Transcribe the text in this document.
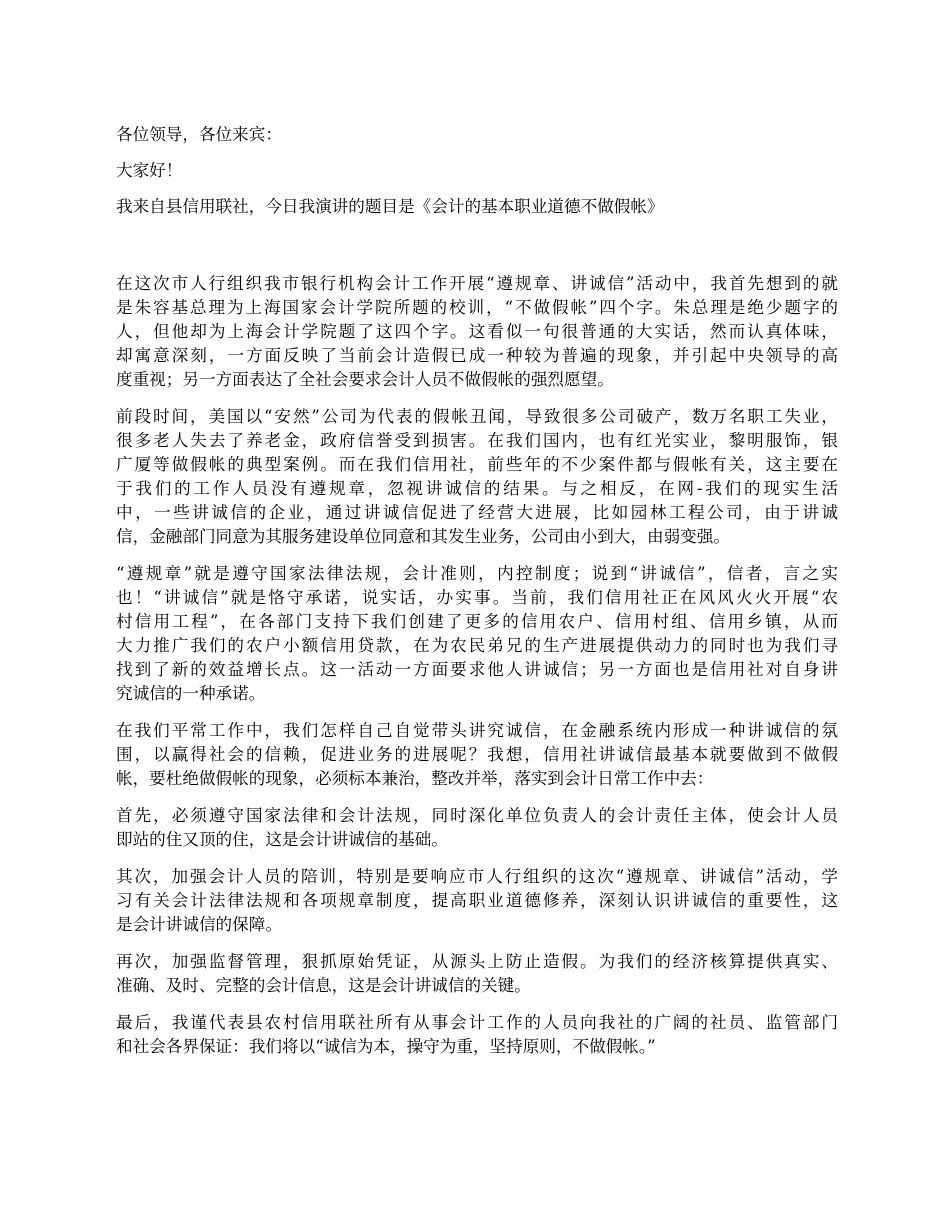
各位领导，各位来宾：

大家好！

我来自县信用联社，今日我演讲的题目是《会计的基本职业道德不做假帐》

在这次市人行组织我市银行机构会计工作开展“遵规章、讲诚信”活动中，我首先想到的就
是朱容基总理为上海国家会计学院所题的校训，“不做假帐”四个字。朱总理是绝少题字的
人，但他却为上海会计学院题了这四个字。这看似一句很普通的大实话，然而认真体味，
却寓意深刻，一方面反映了当前会计造假已成一种较为普遍的现象，并引起中央领导的高
度重视；另一方面表达了全社会要求会计人员不做假帐的强烈愿望。

前段时间，美国以“安然”公司为代表的假帐丑闻，导致很多公司破产，数万名职工失业，
很多老人失去了养老金，政府信誉受到损害。在我们国内，也有红光实业，黎明服饰，银
广厦等做假帐的典型案例。而在我们信用社，前些年的不少案件都与假帐有关，这主要在
于我们的工作人员没有遵规章，忽视讲诚信的结果。与之相反，在网-我们的现实生活
中，一些讲诚信的企业，通过讲诚信促进了经营大进展，比如园林工程公司，由于讲诚
信，金融部门同意为其服务建设单位同意和其发生业务，公司由小到大，由弱变强。

“遵规章”就是遵守国家法律法规，会计准则，内控制度；说到“讲诚信”，信者，言之实
也！“讲诚信”就是恪守承诺，说实话，办实事。当前，我们信用社正在风风火火开展“农
村信用工程”，在各部门支持下我们创建了更多的信用农户、信用村组、信用乡镇，从而
大力推广我们的农户小额信用贷款，在为农民弟兄的生产进展提供动力的同时也为我们寻
找到了新的效益增长点。这一活动一方面要求他人讲诚信；另一方面也是信用社对自身讲
究诚信的一种承诺。

在我们平常工作中，我们怎样自己自觉带头讲究诚信，在金融系统内形成一种讲诚信的氛
围，以赢得社会的信赖，促进业务的进展呢？我想，信用社讲诚信最基本就要做到不做假
帐，要杜绝做假帐的现象，必须标本兼治，整改并举，落实到会计日常工作中去：

首先，必须遵守国家法律和会计法规，同时深化单位负责人的会计责任主体，使会计人员
即站的住又顶的住，这是会计讲诚信的基础。

其次，加强会计人员的陪训，特别是要响应市人行组织的这次“遵规章、讲诚信”活动，学
习有关会计法律法规和各项规章制度，提高职业道德修养，深刻认识讲诚信的重要性，这
是会计讲诚信的保障。

再次，加强监督管理，狠抓原始凭证，从源头上防止造假。为我们的经济核算提供真实、
准确、及时、完整的会计信息，这是会计讲诚信的关键。

最后，我谨代表县农村信用联社所有从事会计工作的人员向我社的广阔的社员、监管部门
和社会各界保证：我们将以“诚信为本，操守为重，坚持原则，不做假帐。”
